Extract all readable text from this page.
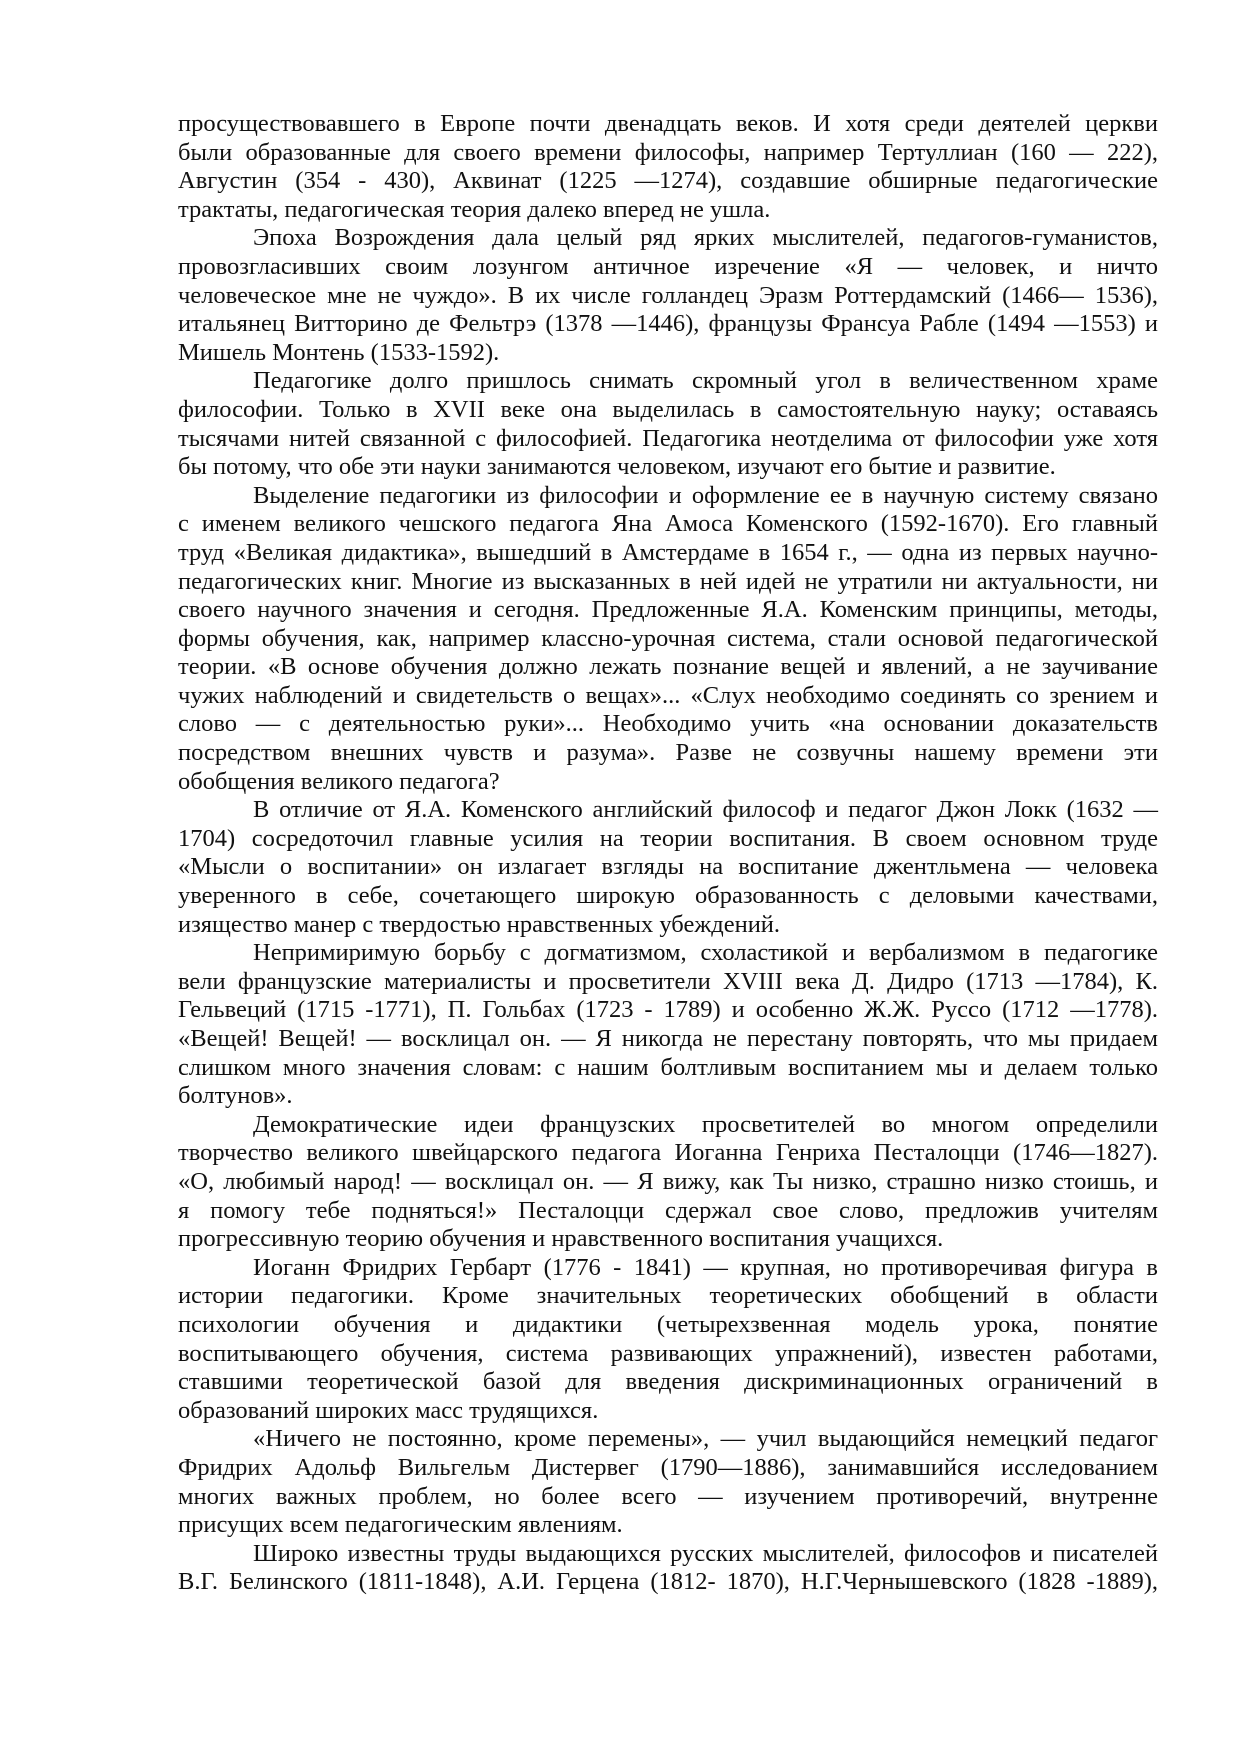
просуществовавшего в Европе почти двенадцать веков. И хотя среди деятелей церкви
были образованные для своего времени философы, например Тертуллиан (160 — 222),
Августин (354 - 430), Аквинат (1225 —1274), создавшие обширные педагогические
трактаты, педагогическая теория далеко вперед не ушла.
Эпоха Возрождения дала целый ряд ярких мыслителей, педагогов-гуманистов,
провозгласивших своим лозунгом античное изречение «Я — человек, и ничто
человеческое мне не чуждо». В их числе голландец Эразм Роттердамский (1466— 1536),
итальянец Витторино де Фельтрэ (1378 —1446), французы Франсуа Рабле (1494 —1553) и
Мишель Монтень (1533-1592).
Педагогике долго пришлось снимать скромный угол в величественном храме
философии. Только в XVII веке она выделилась в самостоятельную науку; оставаясь
тысячами нитей связанной с философией. Педагогика неотделима от философии уже хотя
бы потому, что обе эти науки занимаются человеком, изучают его бытие и развитие.
Выделение педагогики из философии и оформление ее в научную систему связано
с именем великого чешского педагога Яна Амоса Коменского (1592-1670). Его главный
труд «Великая дидактика», вышедший в Амстердаме в 1654 г., — одна из первых научно-
педагогических книг. Многие из высказанных в ней идей не утратили ни актуальности, ни
своего научного значения и сегодня. Предложенные Я.А. Коменским принципы, методы,
формы обучения, как, например классно-урочная система, стали основой педагогической
теории. «В основе обучения должно лежать познание вещей и явлений, а не заучивание
чужих наблюдений и свидетельств о вещах»... «Слух необходимо соединять со зрением и
слово — с деятельностью руки»... Необходимо учить «на основании доказательств
посредством внешних чувств и разума». Разве не созвучны нашему времени эти
обобщения великого педагога?
В отличие от Я.А. Коменского английский философ и педагог Джон Локк (1632 —
1704) сосредоточил главные усилия на теории воспитания. В своем основном труде
«Мысли о воспитании» он излагает взгляды на воспитание джентльмена — человека
уверенного в себе, сочетающего широкую образованность с деловыми качествами,
изящество манер с твердостью нравственных убеждений.
Непримиримую борьбу с догматизмом, схоластикой и вербализмом в педагогике
вели французские материалисты и просветители XVIII века Д. Дидро (1713 —1784), К.
Гельвеций (1715 -1771), П. Гольбах (1723 - 1789) и особенно Ж.Ж. Руссо (1712 —1778).
«Вещей! Вещей! — восклицал он. — Я никогда не перестану повторять, что мы придаем
слишком много значения словам: с нашим болтливым воспитанием мы и делаем только
болтунов».
Демократические идеи французских просветителей во многом определили
творчество великого швейцарского педагога Иоганна Генриха Песталоцци (1746—1827).
«О, любимый народ! — восклицал он. — Я вижу, как Ты низко, страшно низко стоишь, и
я помогу тебе подняться!» Песталоцци сдержал свое слово, предложив учителям
прогрессивную теорию обучения и нравственного воспитания учащихся.
Иоганн Фридрих Гербарт (1776 - 1841) — крупная, но противоречивая фигура в
истории педагогики. Кроме значительных теоретических обобщений в области
психологии обучения и дидактики (четырехзвенная модель урока, понятие
воспитывающего обучения, система развивающих упражнений), известен работами,
ставшими теоретической базой для введения дискриминационных ограничений в
образований широких масс трудящихся.
«Ничего не постоянно, кроме перемены», — учил выдающийся немецкий педагог
Фридрих Адольф Вильгельм Дистервег (1790—1886), занимавшийся исследованием
многих важных проблем, но более всего — изучением противоречий, внутренне
присущих всем педагогическим явлениям.
Широко известны труды выдающихся русских мыслителей, философов и писателей
В.Г. Белинского (1811-1848), А.И. Герцена (1812- 1870), Н.Г.Чернышевского (1828 -1889),
